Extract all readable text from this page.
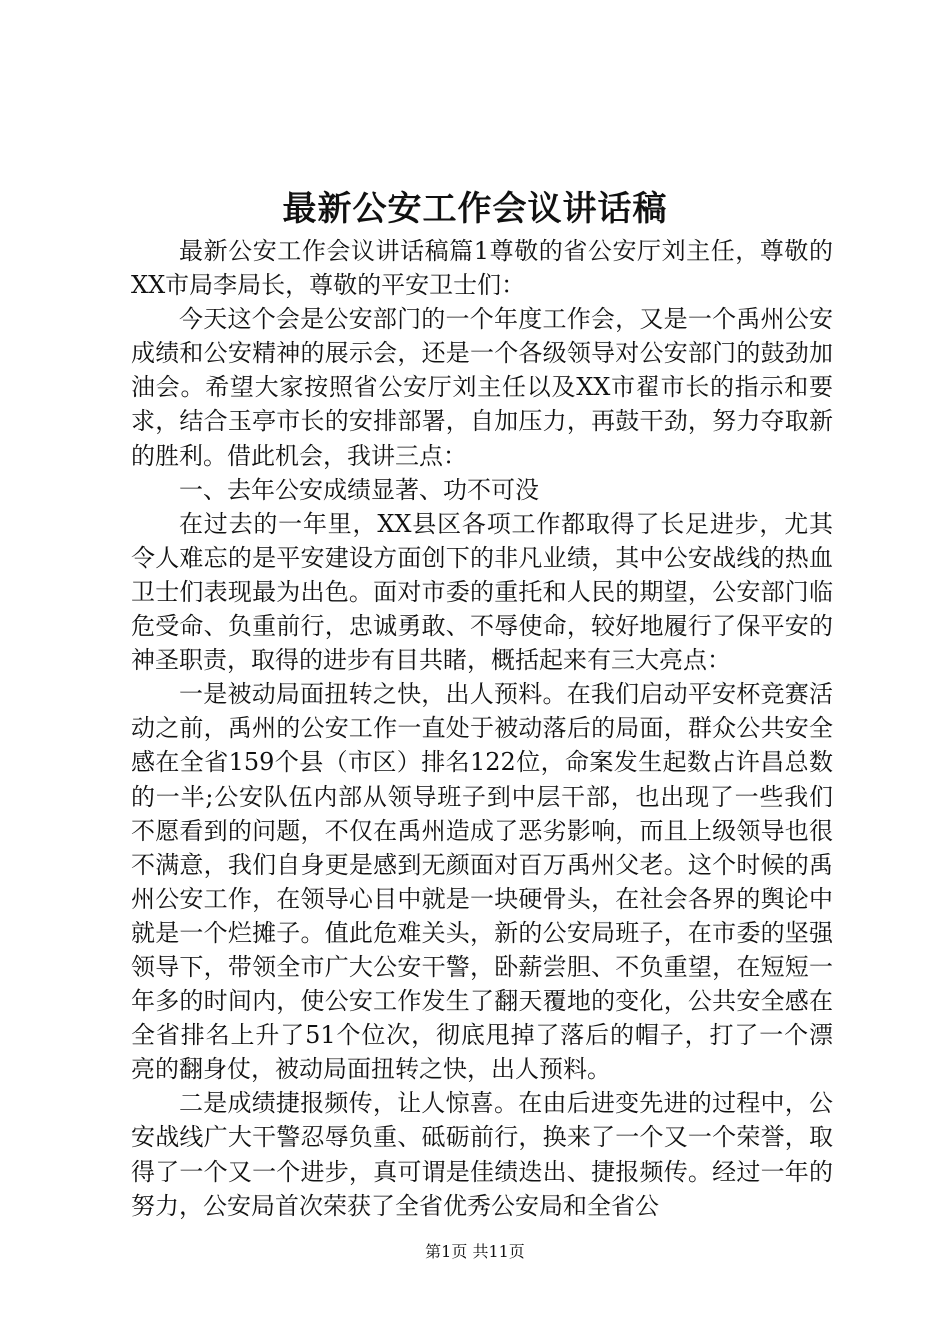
最新公安工作会议讲话稿

最新公安工作会议讲话稿篇1尊敬的省公安厅刘主任，尊敬的XX市局李局长，尊敬的平安卫士们：

今天这个会是公安部门的一个年度工作会，又是一个禹州公安成绩和公安精神的展示会，还是一个各级领导对公安部门的鼓劲加油会。希望大家按照省公安厅刘主任以及XX市翟市长的指示和要求，结合玉亭市长的安排部署，自加压力，再鼓干劲，努力夺取新的胜利。借此机会，我讲三点：

一、去年公安成绩显著、功不可没

在过去的一年里，XX县区各项工作都取得了长足进步，尤其令人难忘的是平安建设方面创下的非凡业绩，其中公安战线的热血卫士们表现最为出色。面对市委的重托和人民的期望，公安部门临危受命、负重前行，忠诚勇敢、不辱使命，较好地履行了保平安的神圣职责，取得的进步有目共睹，概括起来有三大亮点：

一是被动局面扭转之快，出人预料。在我们启动平安杯竞赛活动之前，禹州的公安工作一直处于被动落后的局面，群众公共安全感在全省159个县（市区）排名122位，命案发生起数占许昌总数的一半;公安队伍内部从领导班子到中层干部，也出现了一些我们不愿看到的问题，不仅在禹州造成了恶劣影响，而且上级领导也很不满意，我们自身更是感到无颜面对百万禹州父老。这个时候的禹州公安工作，在领导心目中就是一块硬骨头，在社会各界的舆论中就是一个烂摊子。值此危难关头，新的公安局班子，在市委的坚强领导下，带领全市广大公安干警，卧薪尝胆、不负重望，在短短一年多的时间内，使公安工作发生了翻天覆地的变化，公共安全感在全省排名上升了51个位次，彻底甩掉了落后的帽子，打了一个漂亮的翻身仗，被动局面扭转之快，出人预料。

二是成绩捷报频传，让人惊喜。在由后进变先进的过程中，公安战线广大干警忍辱负重、砥砺前行，换来了一个又一个荣誉，取得了一个又一个进步，真可谓是佳绩迭出、捷报频传。经过一年的努力，公安局首次荣获了全省优秀公安局和全省公

第1页 共11页
